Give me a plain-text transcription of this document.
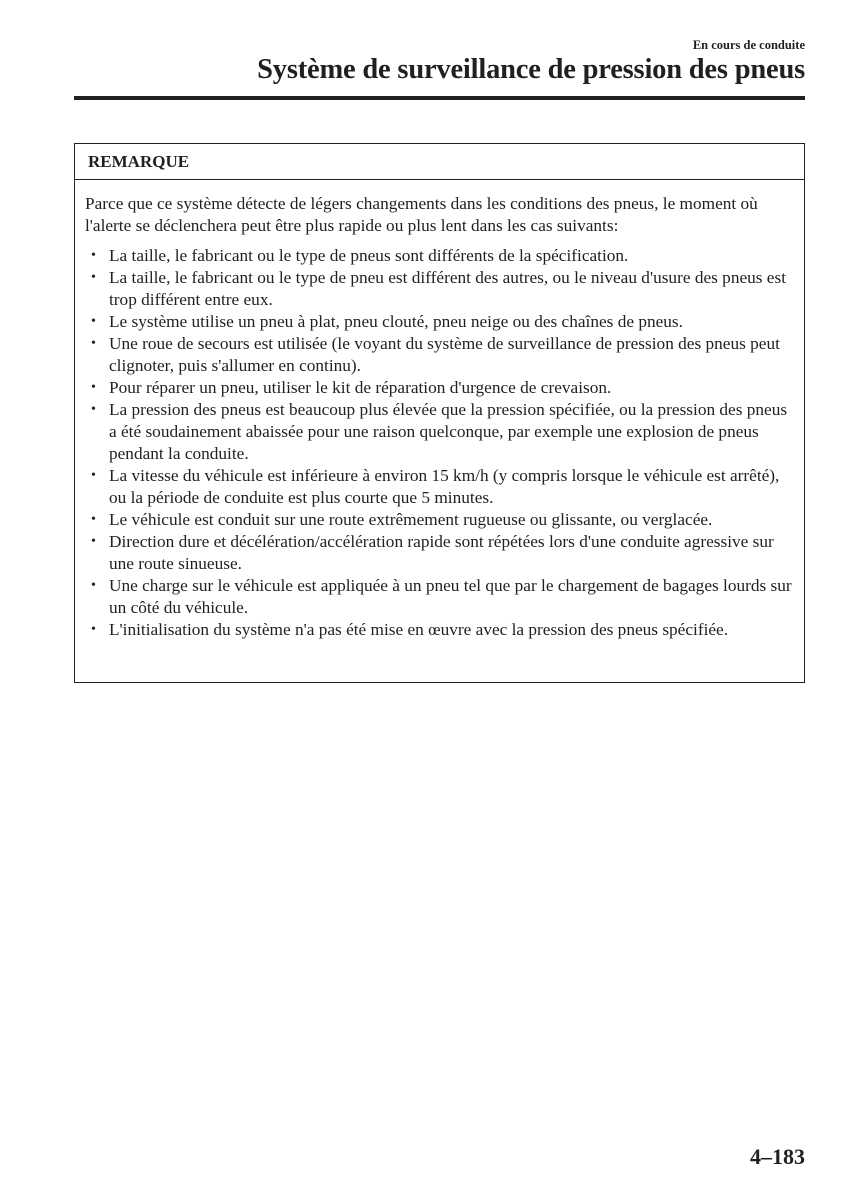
En cours de conduite
Système de surveillance de pression des pneus
REMARQUE

Parce que ce système détecte de légers changements dans les conditions des pneus, le moment où l'alerte se déclenchera peut être plus rapide ou plus lent dans les cas suivants:

• La taille, le fabricant ou le type de pneus sont différents de la spécification.
• La taille, le fabricant ou le type de pneu est différent des autres, ou le niveau d'usure des pneus est trop différent entre eux.
• Le système utilise un pneu à plat, pneu clouté, pneu neige ou des chaînes de pneus.
• Une roue de secours est utilisée (le voyant du système de surveillance de pression des pneus peut clignoter, puis s'allumer en continu).
• Pour réparer un pneu, utiliser le kit de réparation d'urgence de crevaison.
• La pression des pneus est beaucoup plus élevée que la pression spécifiée, ou la pression des pneus a été soudainement abaissée pour une raison quelconque, par exemple une explosion de pneus pendant la conduite.
• La vitesse du véhicule est inférieure à environ 15 km/h (y compris lorsque le véhicule est arrêté), ou la période de conduite est plus courte que 5 minutes.
• Le véhicule est conduit sur une route extrêmement rugueuse ou glissante, ou verglacée.
• Direction dure et décélération/accélération rapide sont répétées lors d'une conduite agressive sur une route sinueuse.
• Une charge sur le véhicule est appliquée à un pneu tel que par le chargement de bagages lourds sur un côté du véhicule.
• L'initialisation du système n'a pas été mise en œuvre avec la pression des pneus spécifiée.
4–183
